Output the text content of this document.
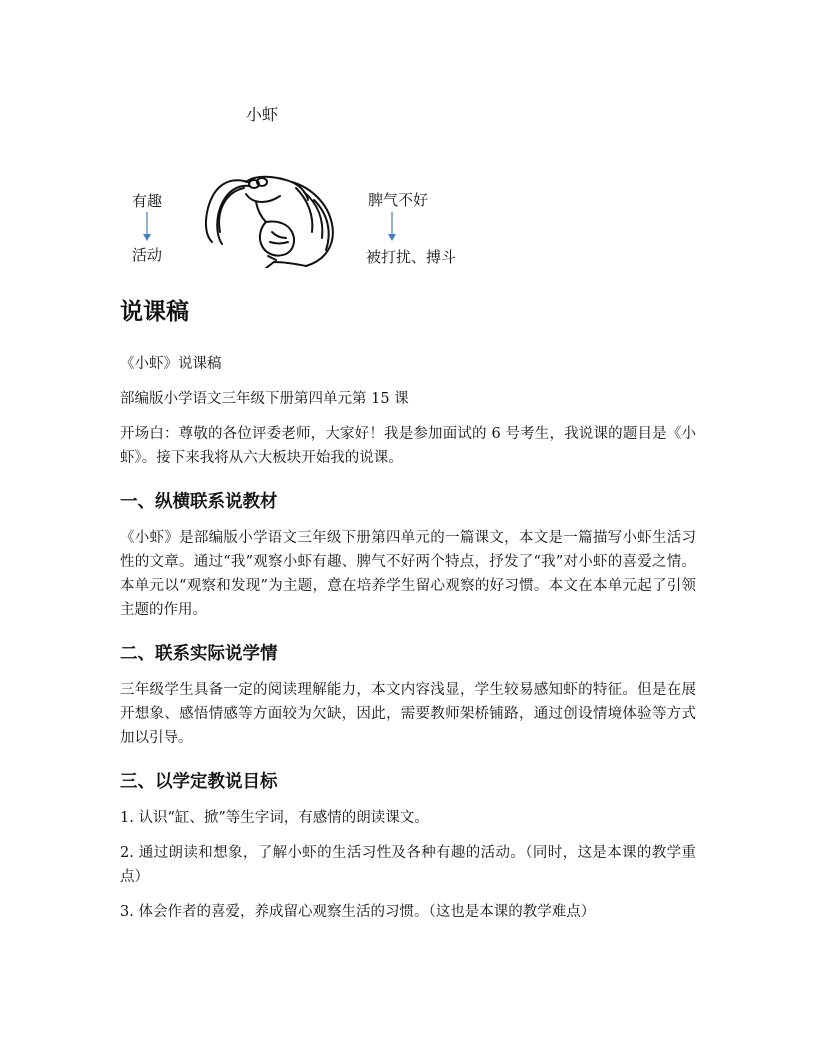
小虾
有趣
活动
脾气不好
被打扰、搏斗
说课稿

《小虾》说课稿

部编版小学语文三年级下册第四单元第 15 课

开场白：尊敬的各位评委老师，大家好！我是参加面试的 6 号考生，我说课的题目是《小虾》。接下来我将从六大板块开始我的说课。

一、纵横联系说教材

《小虾》是部编版小学语文三年级下册第四单元的一篇课文，本文是一篇描写小虾生活习性的文章。通过“我”观察小虾有趣、脾气不好两个特点，抒发了“我”对小虾的喜爱之情。本单元以“观察和发现”为主题，意在培养学生留心观察的好习惯。本文在本单元起了引领主题的作用。

二、联系实际说学情

三年级学生具备一定的阅读理解能力，本文内容浅显，学生较易感知虾的特征。但是在展开想象、感悟情感等方面较为欠缺，因此，需要教师架桥铺路，通过创设情境体验等方式加以引导。

三、以学定教说目标

1. 认识“缸、掀”等生字词，有感情的朗读课文。

2. 通过朗读和想象，了解小虾的生活习性及各种有趣的活动。（同时，这是本课的教学重点）

3. 体会作者的喜爱，养成留心观察生活的习惯。（这也是本课的教学难点）
